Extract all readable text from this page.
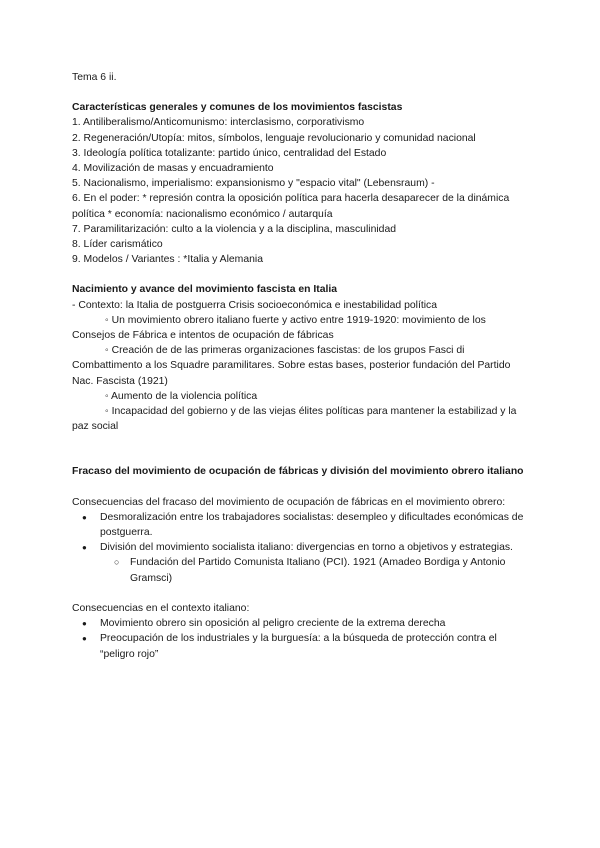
Tema 6 ii.

Características generales y comunes de los movimientos fascistas

1. Antiliberalismo/Anticomunismo: interclasismo, corporativismo

2. Regeneración/Utopía: mitos, símbolos, lenguaje revolucionario y comunidad nacional

3. Ideología política totalizante: partido único, centralidad del Estado

4. Movilización de masas y encuadramiento

5. Nacionalismo, imperialismo: expansionismo y "espacio vital" (Lebensraum) -

6. En el poder: * represión contra la oposición política para hacerla desaparecer de la dinámica política * economía: nacionalismo económico / autarquía

7. Paramilitarización: culto a la violencia y a la disciplina, masculinidad

8. Líder carismático

9. Modelos / Variantes : *Italia y Alemania

Nacimiento y avance del movimiento fascista en Italia

- Contexto: la Italia de postguerra Crisis socioeconómica e inestabilidad política

◦ Un movimiento obrero italiano fuerte y activo entre 1919-1920: movimiento de los Consejos de Fábrica e intentos de ocupación de fábricas

◦ Creación de de las primeras organizaciones fascistas: de los grupos Fasci di Combattimento a los Squadre paramilitares. Sobre estas bases, posterior fundación del Partido Nac. Fascista (1921)

◦ Aumento de la violencia política

◦ Incapacidad del gobierno y de las viejas élites políticas para mantener la estabilizad y la paz social

Fracaso del movimiento de ocupación de fábricas y división del movimiento obrero italiano

Consecuencias del fracaso del movimiento de ocupación de fábricas en el movimiento obrero:

● Desmoralización entre los trabajadores socialistas: desempleo y dificultades económicas de postguerra.
● División del movimiento socialista italiano: divergencias en torno a objetivos y estrategias.
○ Fundación del Partido Comunista Italiano (PCI). 1921 (Amadeo Bordiga y Antonio Gramsci)

Consecuencias en el contexto italiano:

● Movimiento obrero sin oposición al peligro creciente de la extrema derecha
● Preocupación de los industriales y la burguesía: a la búsqueda de protección contra el “peligro rojo”
